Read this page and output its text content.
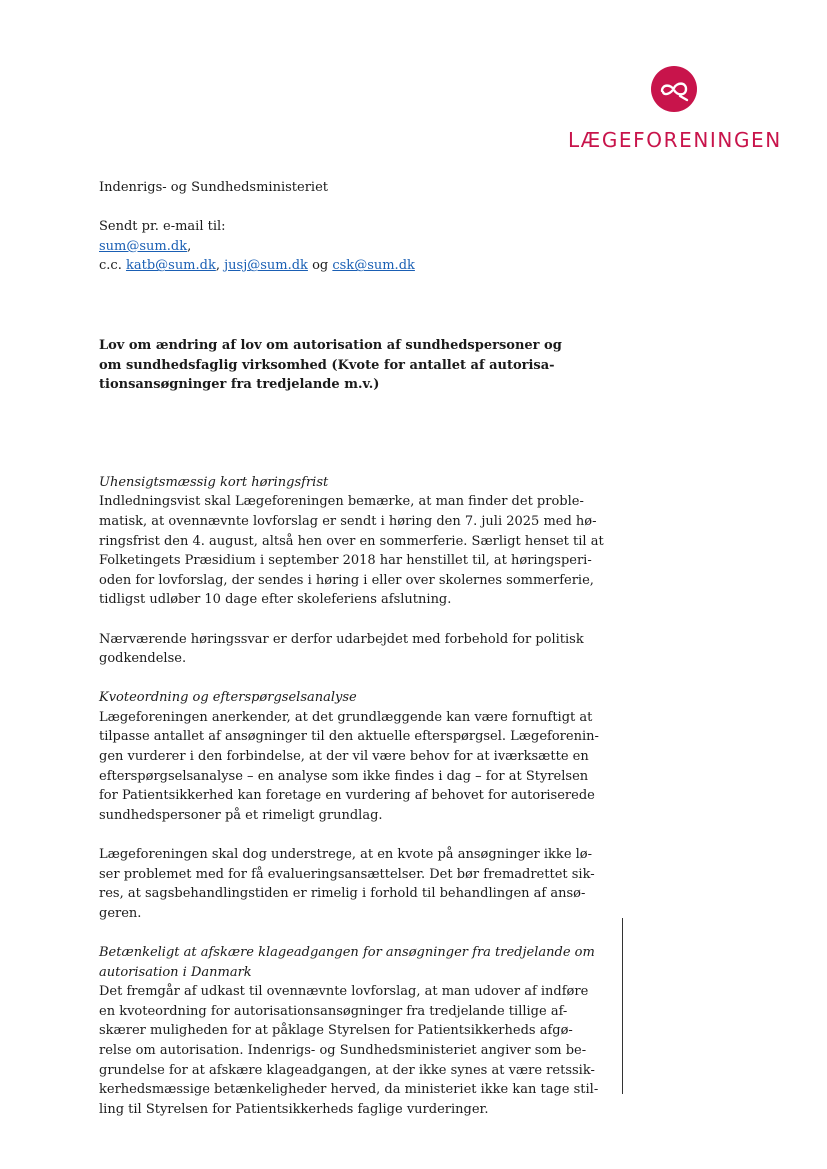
LÆGEFORENINGEN

Indenrigs- og Sundhedsministeriet

Sendt pr. e-mail til:

sum@sum.dk,

c.c. katb@sum.dk, jusj@sum.dk og csk@sum.dk

Lov om ændring af lov om autorisation af sundhedspersoner og

om sundhedsfaglig virksomhed (Kvote for antallet af autorisa-

tionsansøgninger fra tredjelande m.v.)

Uhensigtsmæssig kort høringsfrist

Indledningsvist skal Lægeforeningen bemærke, at man finder det proble-

matisk, at ovennævnte lovforslag er sendt i høring den 7. juli 2025 med hø-

ringsfrist den 4. august, altså hen over en sommerferie. Særligt henset til at

Folketingets Præsidium i september 2018 har henstillet til, at høringsperi-

oden for lovforslag, der sendes i høring i eller over skolernes sommerferie,

tidligst udløber 10 dage efter skoleferiens afslutning.

Nærværende høringssvar er derfor udarbejdet med forbehold for politisk

godkendelse.

Kvoteordning og efterspørgselsanalyse

Lægeforeningen anerkender, at det grundlæggende kan være fornuftigt at

tilpasse antallet af ansøgninger til den aktuelle efterspørgsel. Lægeforenin-

gen vurderer i den forbindelse, at der vil være behov for at iværksætte en

efterspørgselsanalyse – en analyse som ikke findes i dag – for at Styrelsen

for Patientsikkerhed kan foretage en vurdering af behovet for autoriserede

sundhedspersoner på et rimeligt grundlag.

Lægeforeningen skal dog understrege, at en kvote på ansøgninger ikke lø-

ser problemet med for få evalueringsansættelser. Det bør fremadrettet sik-

res, at sagsbehandlingstiden er rimelig i forhold til behandlingen af ansø-

geren.

Betænkeligt at afskære klageadgangen for ansøgninger fra tredjelande om

autorisation i Danmark

Det fremgår af udkast til ovennævnte lovforslag, at man udover af indføre

en kvoteordning for autorisationsansøgninger fra tredjelande tillige af-

skærer muligheden for at påklage Styrelsen for Patientsikkerheds afgø-

relse om autorisation. Indenrigs- og Sundhedsministeriet angiver som be-

grundelse for at afskære klageadgangen, at der ikke synes at være retssik-

kerhedsmæssige betænkeligheder herved, da ministeriet ikke kan tage stil-

ling til Styrelsen for Patientsikkerheds faglige vurderinger.
